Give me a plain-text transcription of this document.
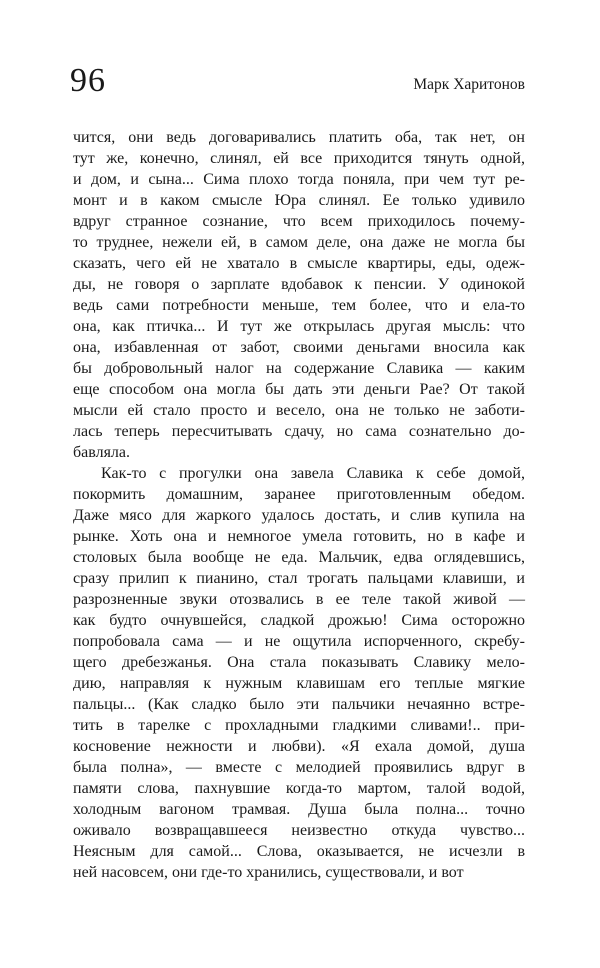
96	Марк Харитонов
чится, они ведь договаривались платить оба, так нет, он
тут же, конечно, слинял, ей все приходится тянуть одной,
и дом, и сына... Сима плохо тогда поняла, при чем тут ре-
монт и в каком смысле Юра слинял. Ее только удивило
вдруг странное сознание, что всем приходилось почему-
то труднее, нежели ей, в самом деле, она даже не могла бы
сказать, чего ей не хватало в смысле квартиры, еды, одеж-
ды, не говоря о зарплате вдобавок к пенсии. У одинокой
ведь сами потребности меньше, тем более, что и ела-то
она, как птичка... И тут же открылась другая мысль: что
она, избавленная от забот, своими деньгами вносила как
бы добровольный налог на содержание Славика — каким
еще способом она могла бы дать эти деньги Рае? От такой
мысли ей стало просто и весело, она не только не заботи-
лась теперь пересчитывать сдачу, но сама сознательно до-
бавляла.
Как-то с прогулки она завела Славика к себе домой,
покормить домашним, заранее приготовленным обедом.
Даже мясо для жаркого удалось достать, и слив купила на
рынке. Хоть она и немногое умела готовить, но в кафе и
столовых была вообще не еда. Мальчик, едва оглядевшись,
сразу прилип к пианино, стал трогать пальцами клавиши, и
разрозненные звуки отозвались в ее теле такой живой —
как будто очнувшейся, сладкой дрожью! Сима осторожно
попробовала сама — и не ощутила испорченного, скребу-
щего дребезжанья. Она стала показывать Славику мело-
дию, направляя к нужным клавишам его теплые мягкие
пальцы... (Как сладко было эти пальчики нечаянно встре-
тить в тарелке с прохладными гладкими сливами!.. при-
косновение нежности и любви). «Я ехала домой, душа
была полна», — вместе с мелодией проявились вдруг в
памяти слова, пахнувшие когда-то мартом, талой водой,
холодным вагоном трамвая. Душа была полна... точно
оживало возвращавшееся неизвестно откуда чувство...
Неясным для самой... Слова, оказывается, не исчезли в
ней насовсем, они где-то хранились, существовали, и вот
